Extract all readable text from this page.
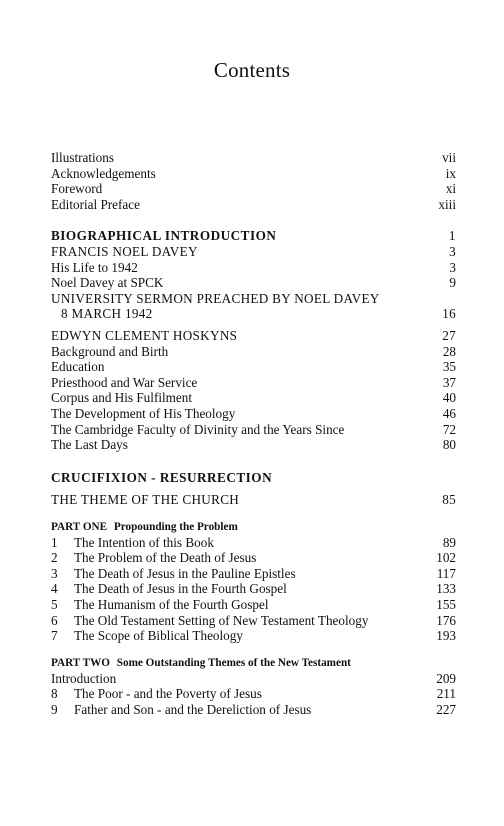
Contents
Illustrations	vii
Acknowledgements	ix
Foreword	xi
Editorial Preface	xiii
BIOGRAPHICAL INTRODUCTION	1
FRANCIS NOEL DAVEY	3
His Life to 1942	3
Noel Davey at SPCK	9
UNIVERSITY SERMON PREACHED BY NOEL DAVEY
8 MARCH 1942	16
EDWYN CLEMENT HOSKYNS	27
Background and Birth	28
Education	35
Priesthood and War Service	37
Corpus and His Fulfilment	40
The Development of His Theology	46
The Cambridge Faculty of Divinity and the Years Since	72
The Last Days	80
CRUCIFIXION - RESURRECTION
THE THEME OF THE CHURCH	85
PART ONE Propounding the Problem
1 The Intention of this Book	89
2 The Problem of the Death of Jesus	102
3 The Death of Jesus in the Pauline Epistles	117
4 The Death of Jesus in the Fourth Gospel	133
5 The Humanism of the Fourth Gospel	155
6 The Old Testament Setting of New Testament Theology	176
7 The Scope of Biblical Theology	193
PART TWO Some Outstanding Themes of the New Testament
Introduction	209
8 The Poor - and the Poverty of Jesus	211
9 Father and Son - and the Dereliction of Jesus	227
